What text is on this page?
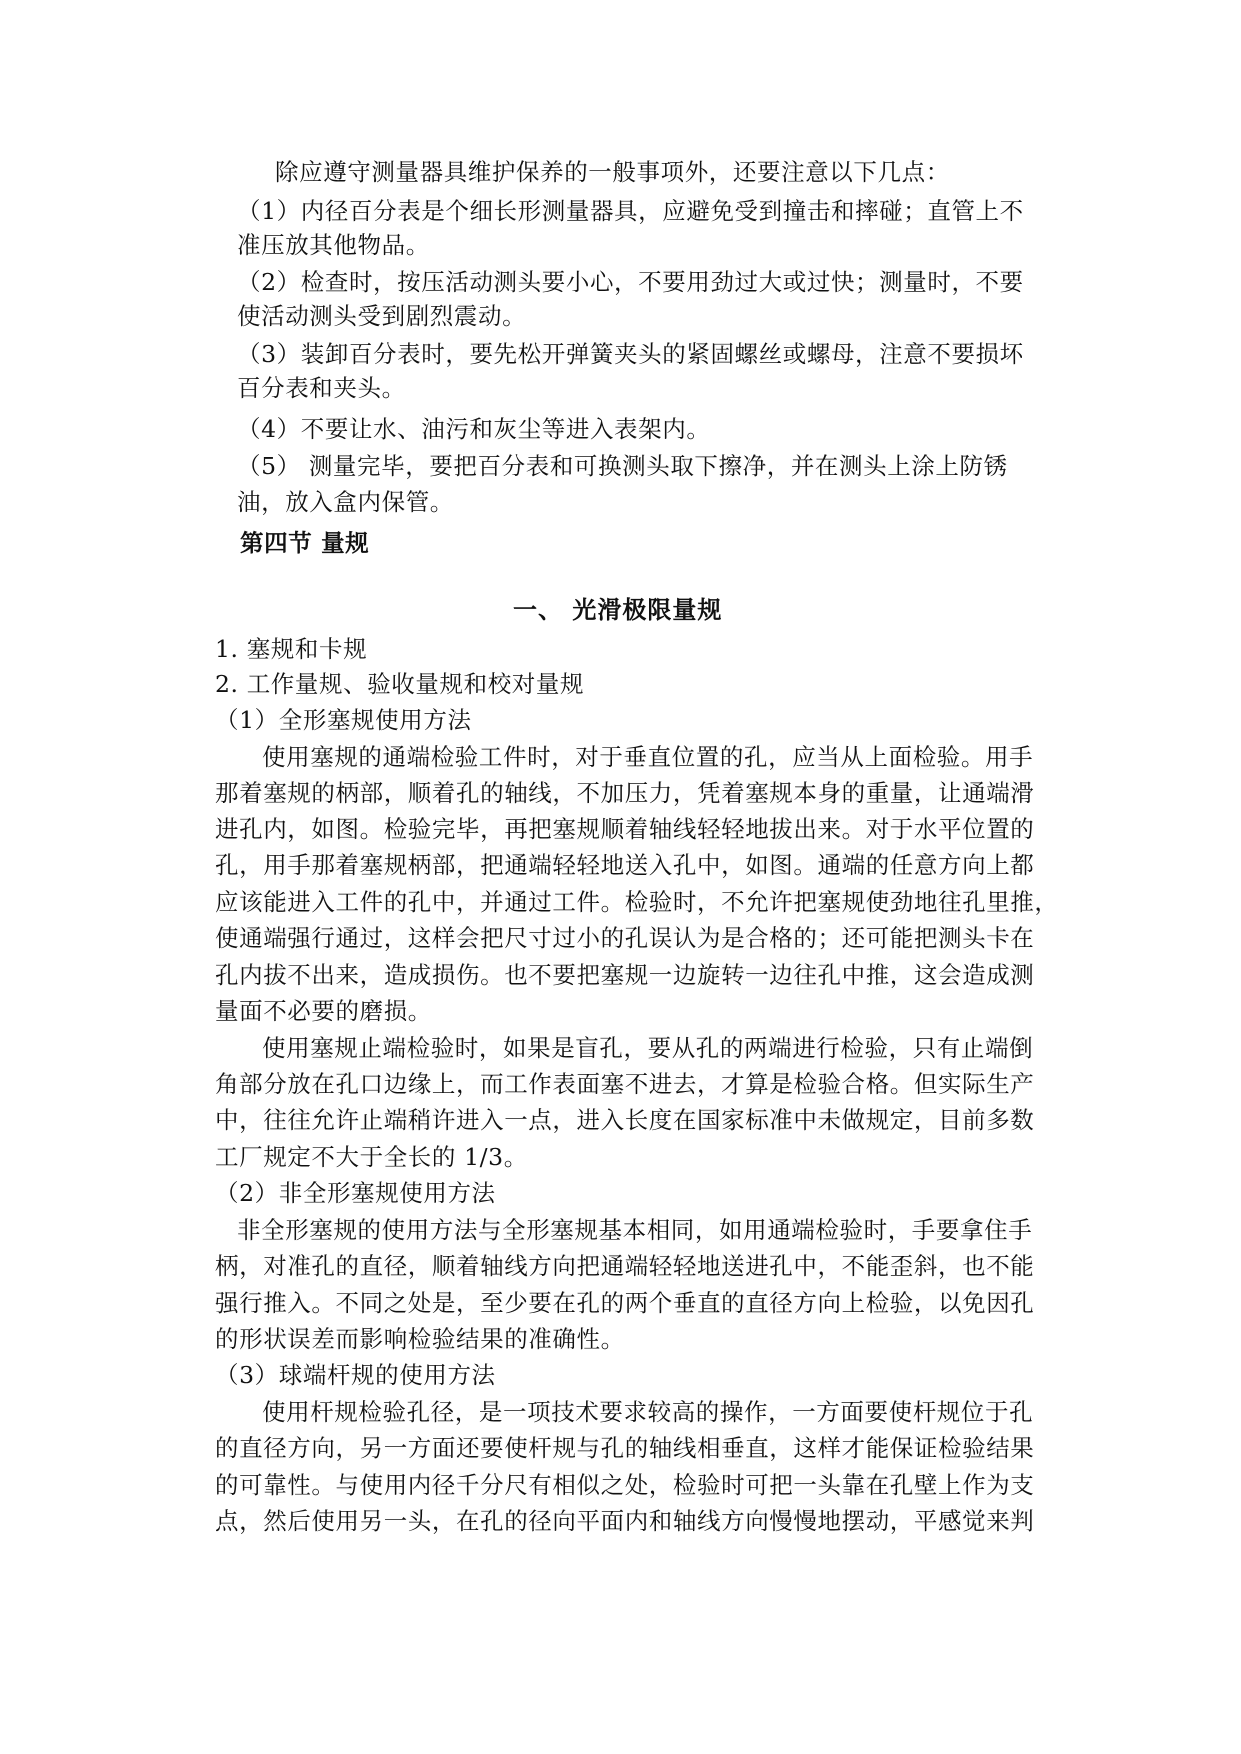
除应遵守测量器具维护保养的一般事项外，还要注意以下几点：

（1）内径百分表是个细长形测量器具，应避免受到撞击和摔碰；直管上不

准压放其他物品。

（2）检查时，按压活动测头要小心，不要用劲过大或过快；测量时，不要

使活动测头受到剧烈震动。

（3）装卸百分表时，要先松开弹簧夹头的紧固螺丝或螺母，注意不要损坏

百分表和夹头。

（4）不要让水、油污和灰尘等进入表架内。

（5） 测量完毕，要把百分表和可换测头取下擦净，并在测头上涂上防锈

油，放入盒内保管。

第四节 量规

一、 光滑极限量规

1. 塞规和卡规

2. 工作量规、验收量规和校对量规

（1）全形塞规使用方法

使用塞规的通端检验工件时，对于垂直位置的孔，应当从上面检验。用手

那着塞规的柄部，顺着孔的轴线，不加压力，凭着塞规本身的重量，让通端滑

进孔内，如图。检验完毕，再把塞规顺着轴线轻轻地拔出来。对于水平位置的

孔，用手那着塞规柄部，把通端轻轻地送入孔中，如图。通端的任意方向上都

应该能进入工件的孔中，并通过工件。检验时，不允许把塞规使劲地往孔里推，

使通端强行通过，这样会把尺寸过小的孔误认为是合格的；还可能把测头卡在

孔内拔不出来，造成损伤。也不要把塞规一边旋转一边往孔中推，这会造成测

量面不必要的磨损。

使用塞规止端检验时，如果是盲孔，要从孔的两端进行检验，只有止端倒

角部分放在孔口边缘上，而工作表面塞不进去，才算是检验合格。但实际生产

中，往往允许止端稍许进入一点，进入长度在国家标准中未做规定，目前多数

工厂规定不大于全长的 1/3。

（2）非全形塞规使用方法

非全形塞规的使用方法与全形塞规基本相同，如用通端检验时，手要拿住手

柄，对准孔的直径，顺着轴线方向把通端轻轻地送进孔中，不能歪斜，也不能

强行推入。不同之处是，至少要在孔的两个垂直的直径方向上检验，以免因孔

的形状误差而影响检验结果的准确性。

（3）球端杆规的使用方法

使用杆规检验孔径，是一项技术要求较高的操作，一方面要使杆规位于孔

的直径方向，另一方面还要使杆规与孔的轴线相垂直，这样才能保证检验结果

的可靠性。与使用内径千分尺有相似之处，检验时可把一头靠在孔壁上作为支

点，然后使用另一头，在孔的径向平面内和轴线方向慢慢地摆动，平感觉来判
